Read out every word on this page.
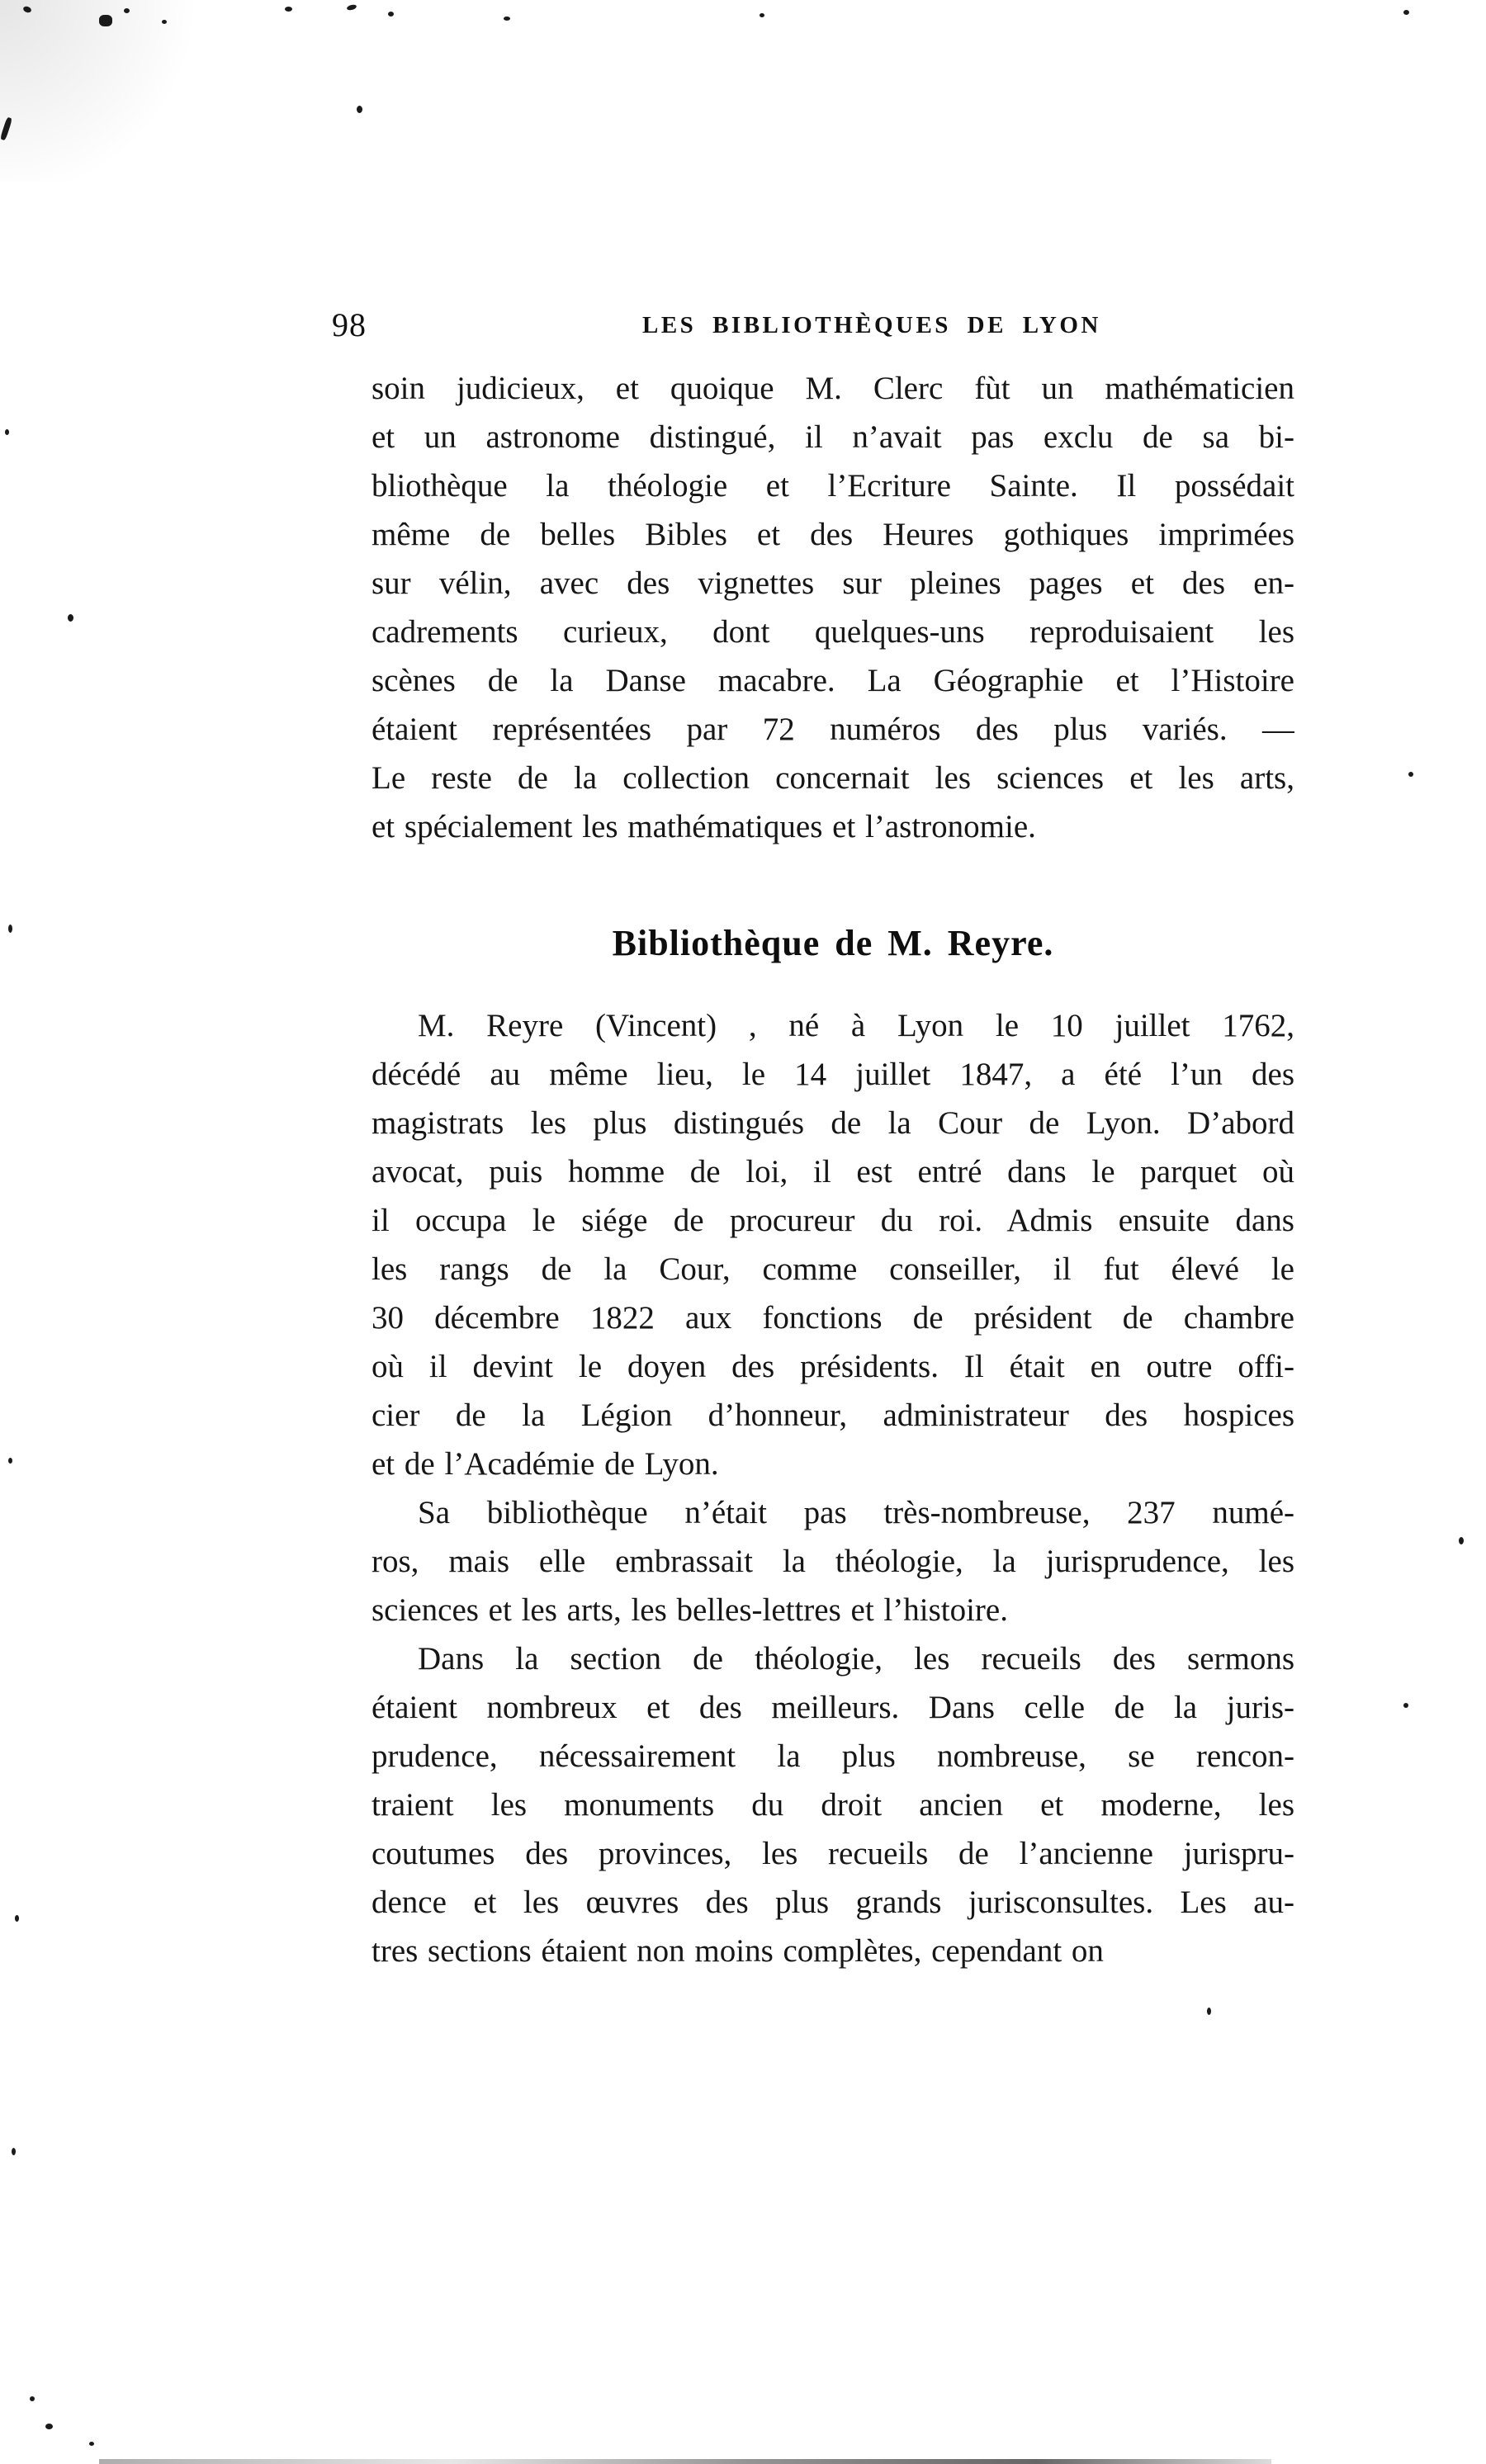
98	LES BIBLIOTHÈQUES DE LYON
soin judicieux, et quoique M. Clerc fùt un mathématicien
et un astronome distingué, il n’avait pas exclu de sa bi-
bliothèque la théologie et l’Ecriture Sainte. Il possédait
même de belles Bibles et des Heures gothiques imprimées
sur vélin, avec des vignettes sur pleines pages et des en-
cadrements curieux, dont quelques-uns reproduisaient les
scènes de la Danse macabre. La Géographie et l’Histoire
étaient représentées par 72 numéros des plus variés. —
Le reste de la collection concernait les sciences et les arts,
et spécialement les mathématiques et l’astronomie.
Bibliothèque de M. Reyre.
M. Reyre (Vincent) , né à Lyon le 10 juillet 1762,
décédé au même lieu, le 14 juillet 1847, a été l’un des
magistrats les plus distingués de la Cour de Lyon. D’abord
avocat, puis homme de loi, il est entré dans le parquet où
il occupa le siége de procureur du roi. Admis ensuite dans
les rangs de la Cour, comme conseiller, il fut élevé le
30 décembre 1822 aux fonctions de président de chambre
où il devint le doyen des présidents. Il était en outre offi-
cier de la Légion d’honneur, administrateur des hospices
et de l’Académie de Lyon.
Sa bibliothèque n’était pas très-nombreuse, 237 numé-
ros, mais elle embrassait la théologie, la jurisprudence, les
sciences et les arts, les belles-lettres et l’histoire.
Dans la section de théologie, les recueils des sermons
étaient nombreux et des meilleurs. Dans celle de la juris-
prudence, nécessairement la plus nombreuse, se rencon-
traient les monuments du droit ancien et moderne, les
coutumes des provinces, les recueils de l’ancienne jurispru-
dence et les œuvres des plus grands jurisconsultes. Les au-
tres sections étaient non moins complètes, cependant on
